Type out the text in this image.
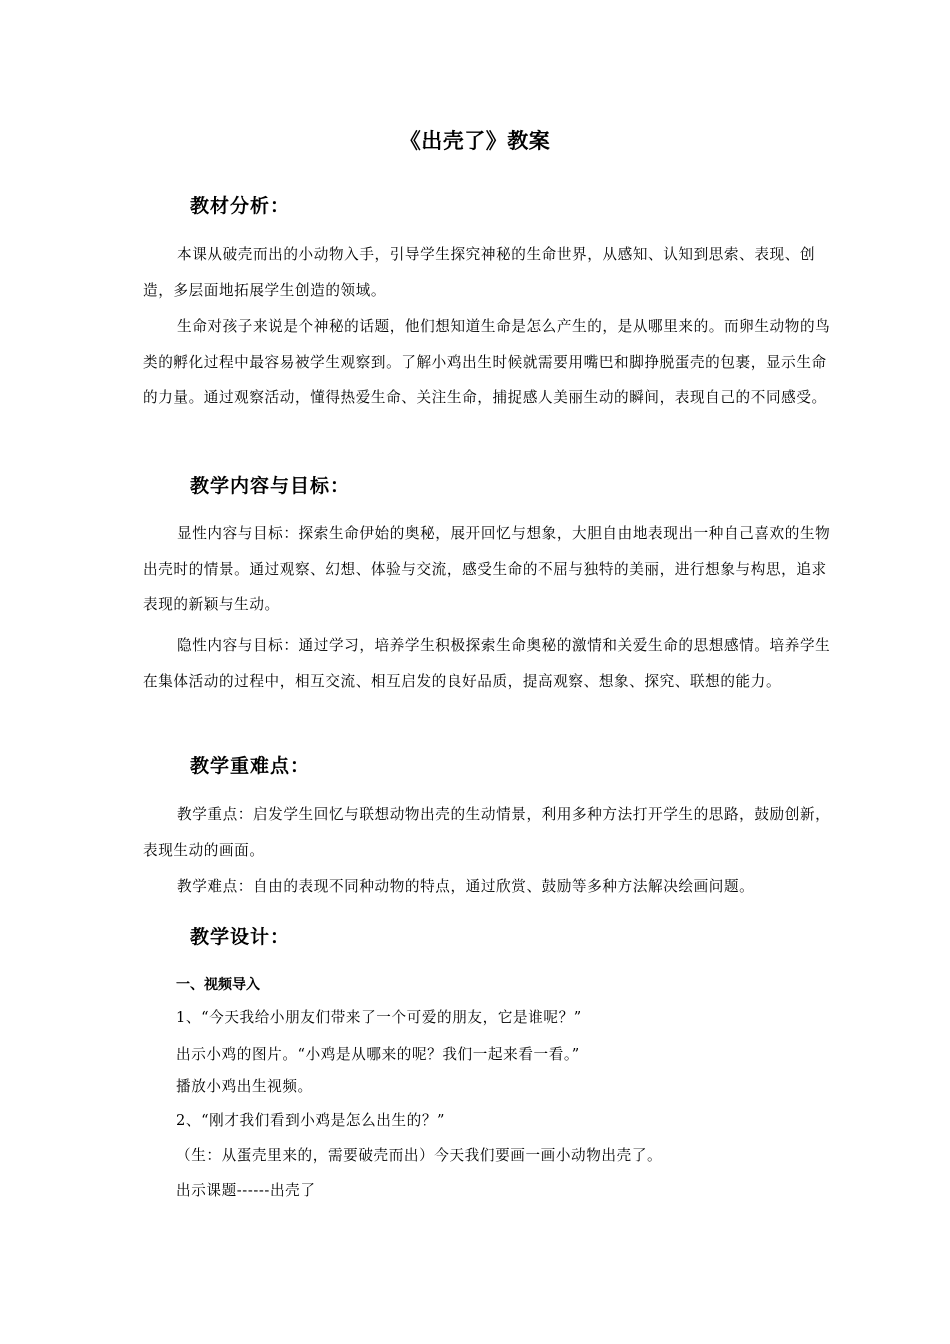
《出壳了》教案
教材分析：

本课从破壳而出的小动物入手，引导学生探究神秘的生命世界，从感知、认知到思索、表现、创造，多层面地拓展学生创造的领域。

生命对孩子来说是个神秘的话题，他们想知道生命是怎么产生的，是从哪里来的。而卵生动物的鸟类的孵化过程中最容易被学生观察到。了解小鸡出生时候就需要用嘴巴和脚挣脱蛋壳的包裹，显示生命的力量。通过观察活动，懂得热爱生命、关注生命，捕捉感人美丽生动的瞬间，表现自己的不同感受。

教学内容与目标：

显性内容与目标：探索生命伊始的奥秘，展开回忆与想象，大胆自由地表现出一种自己喜欢的生物出壳时的情景。通过观察、幻想、体验与交流，感受生命的不屈与独特的美丽，进行想象与构思，追求表现的新颖与生动。

隐性内容与目标：通过学习，培养学生积极探索生命奥秘的激情和关爱生命的思想感情。培养学生在集体活动的过程中，相互交流、相互启发的良好品质，提高观察、想象、探究、联想的能力。

教学重难点：

教学重点：启发学生回忆与联想动物出壳的生动情景，利用多种方法打开学生的思路，鼓励创新，表现生动的画面。

教学难点：自由的表现不同种动物的特点，通过欣赏、鼓励等多种方法解决绘画问题。

教学设计：

一、视频导入

1、“今天我给小朋友们带来了一个可爱的朋友，它是谁呢？”

出示小鸡的图片。“小鸡是从哪来的呢？我们一起来看一看。”

播放小鸡出生视频。

2、“刚才我们看到小鸡是怎么出生的？”

（生：从蛋壳里来的，需要破壳而出）今天我们要画一画小动物出壳了。

出示课题------出壳了
